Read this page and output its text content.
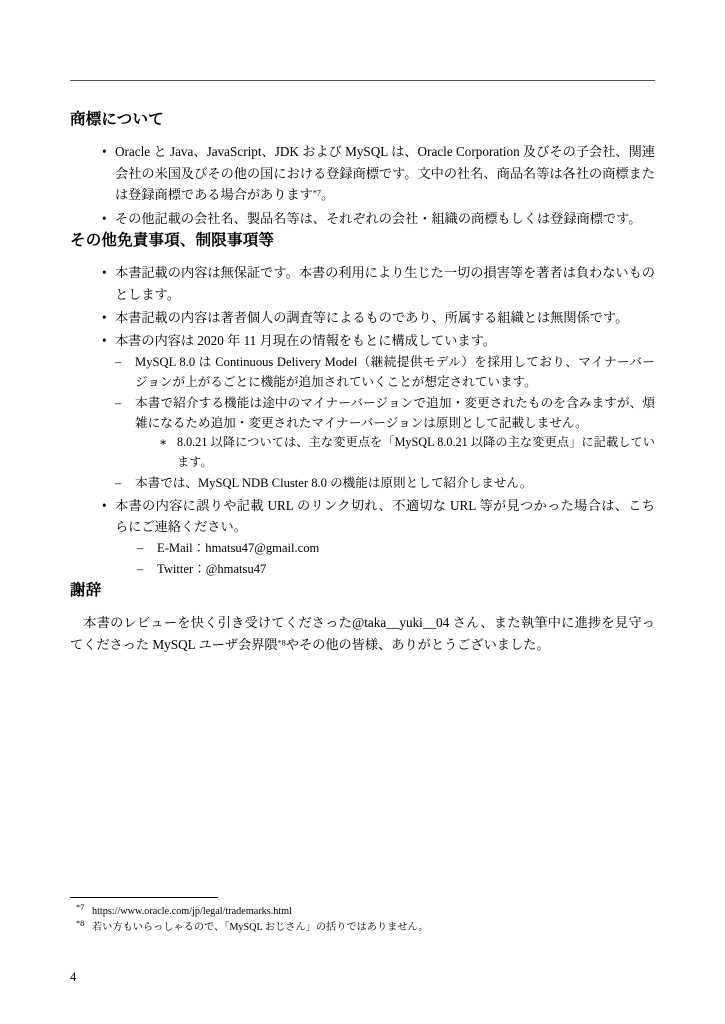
商標について
• Oracle と Java、JavaScript、JDK および MySQL は、Oracle Corporation 及びその子会社、関連会社の米国及びその他の国における登録商標です。文中の社名、商品名等は各社の商標または登録商標である場合があります$^{*7}$。
• その他記載の会社名、製品名等は、それぞれの会社・組織の商標もしくは登録商標です。
その他免責事項、制限事項等
• 本書記載の内容は無保証です。本書の利用により生じた一切の損害等を著者は負わないものとします。
• 本書記載の内容は著者個人の調査等によるものであり、所属する組織とは無関係です。
• 本書の内容は 2020 年 11 月現在の情報をもとに構成しています。
– MySQL 8.0 は Continuous Delivery Model（継続提供モデル）を採用しており、マイナーバージョンが上がるごとに機能が追加されていくことが想定されています。
– 本書で紹介する機能は途中のマイナーバージョンで追加・変更されたものを含みますが、煩雑になるため追加・変更されたマイナーバージョンは原則として記載しません。
∗ 8.0.21 以降については、主な変更点を「MySQL 8.0.21 以降の主な変更点」に記載しています。
– 本書では、MySQL NDB Cluster 8.0 の機能は原則として紹介しません。
• 本書の内容に誤りや記載 URL のリンク切れ、不適切な URL 等が見つかった場合は、こちらにご連絡ください。
– E-Mail：hmatsu47@gmail.com
– Twitter：@hmatsu47
謝辞

本書のレビューを快く引き受けてくださった@taka__yuki__04 さん、また執筆中に進捗を見守ってくださった MySQL ユーザ会界隈$^{*8}$やその他の皆様、ありがとうございました。

*7 https://www.oracle.com/jp/legal/trademarks.html
*8 若い方もいらっしゃるので、「MySQL おじさん」の括りではありません。
4
